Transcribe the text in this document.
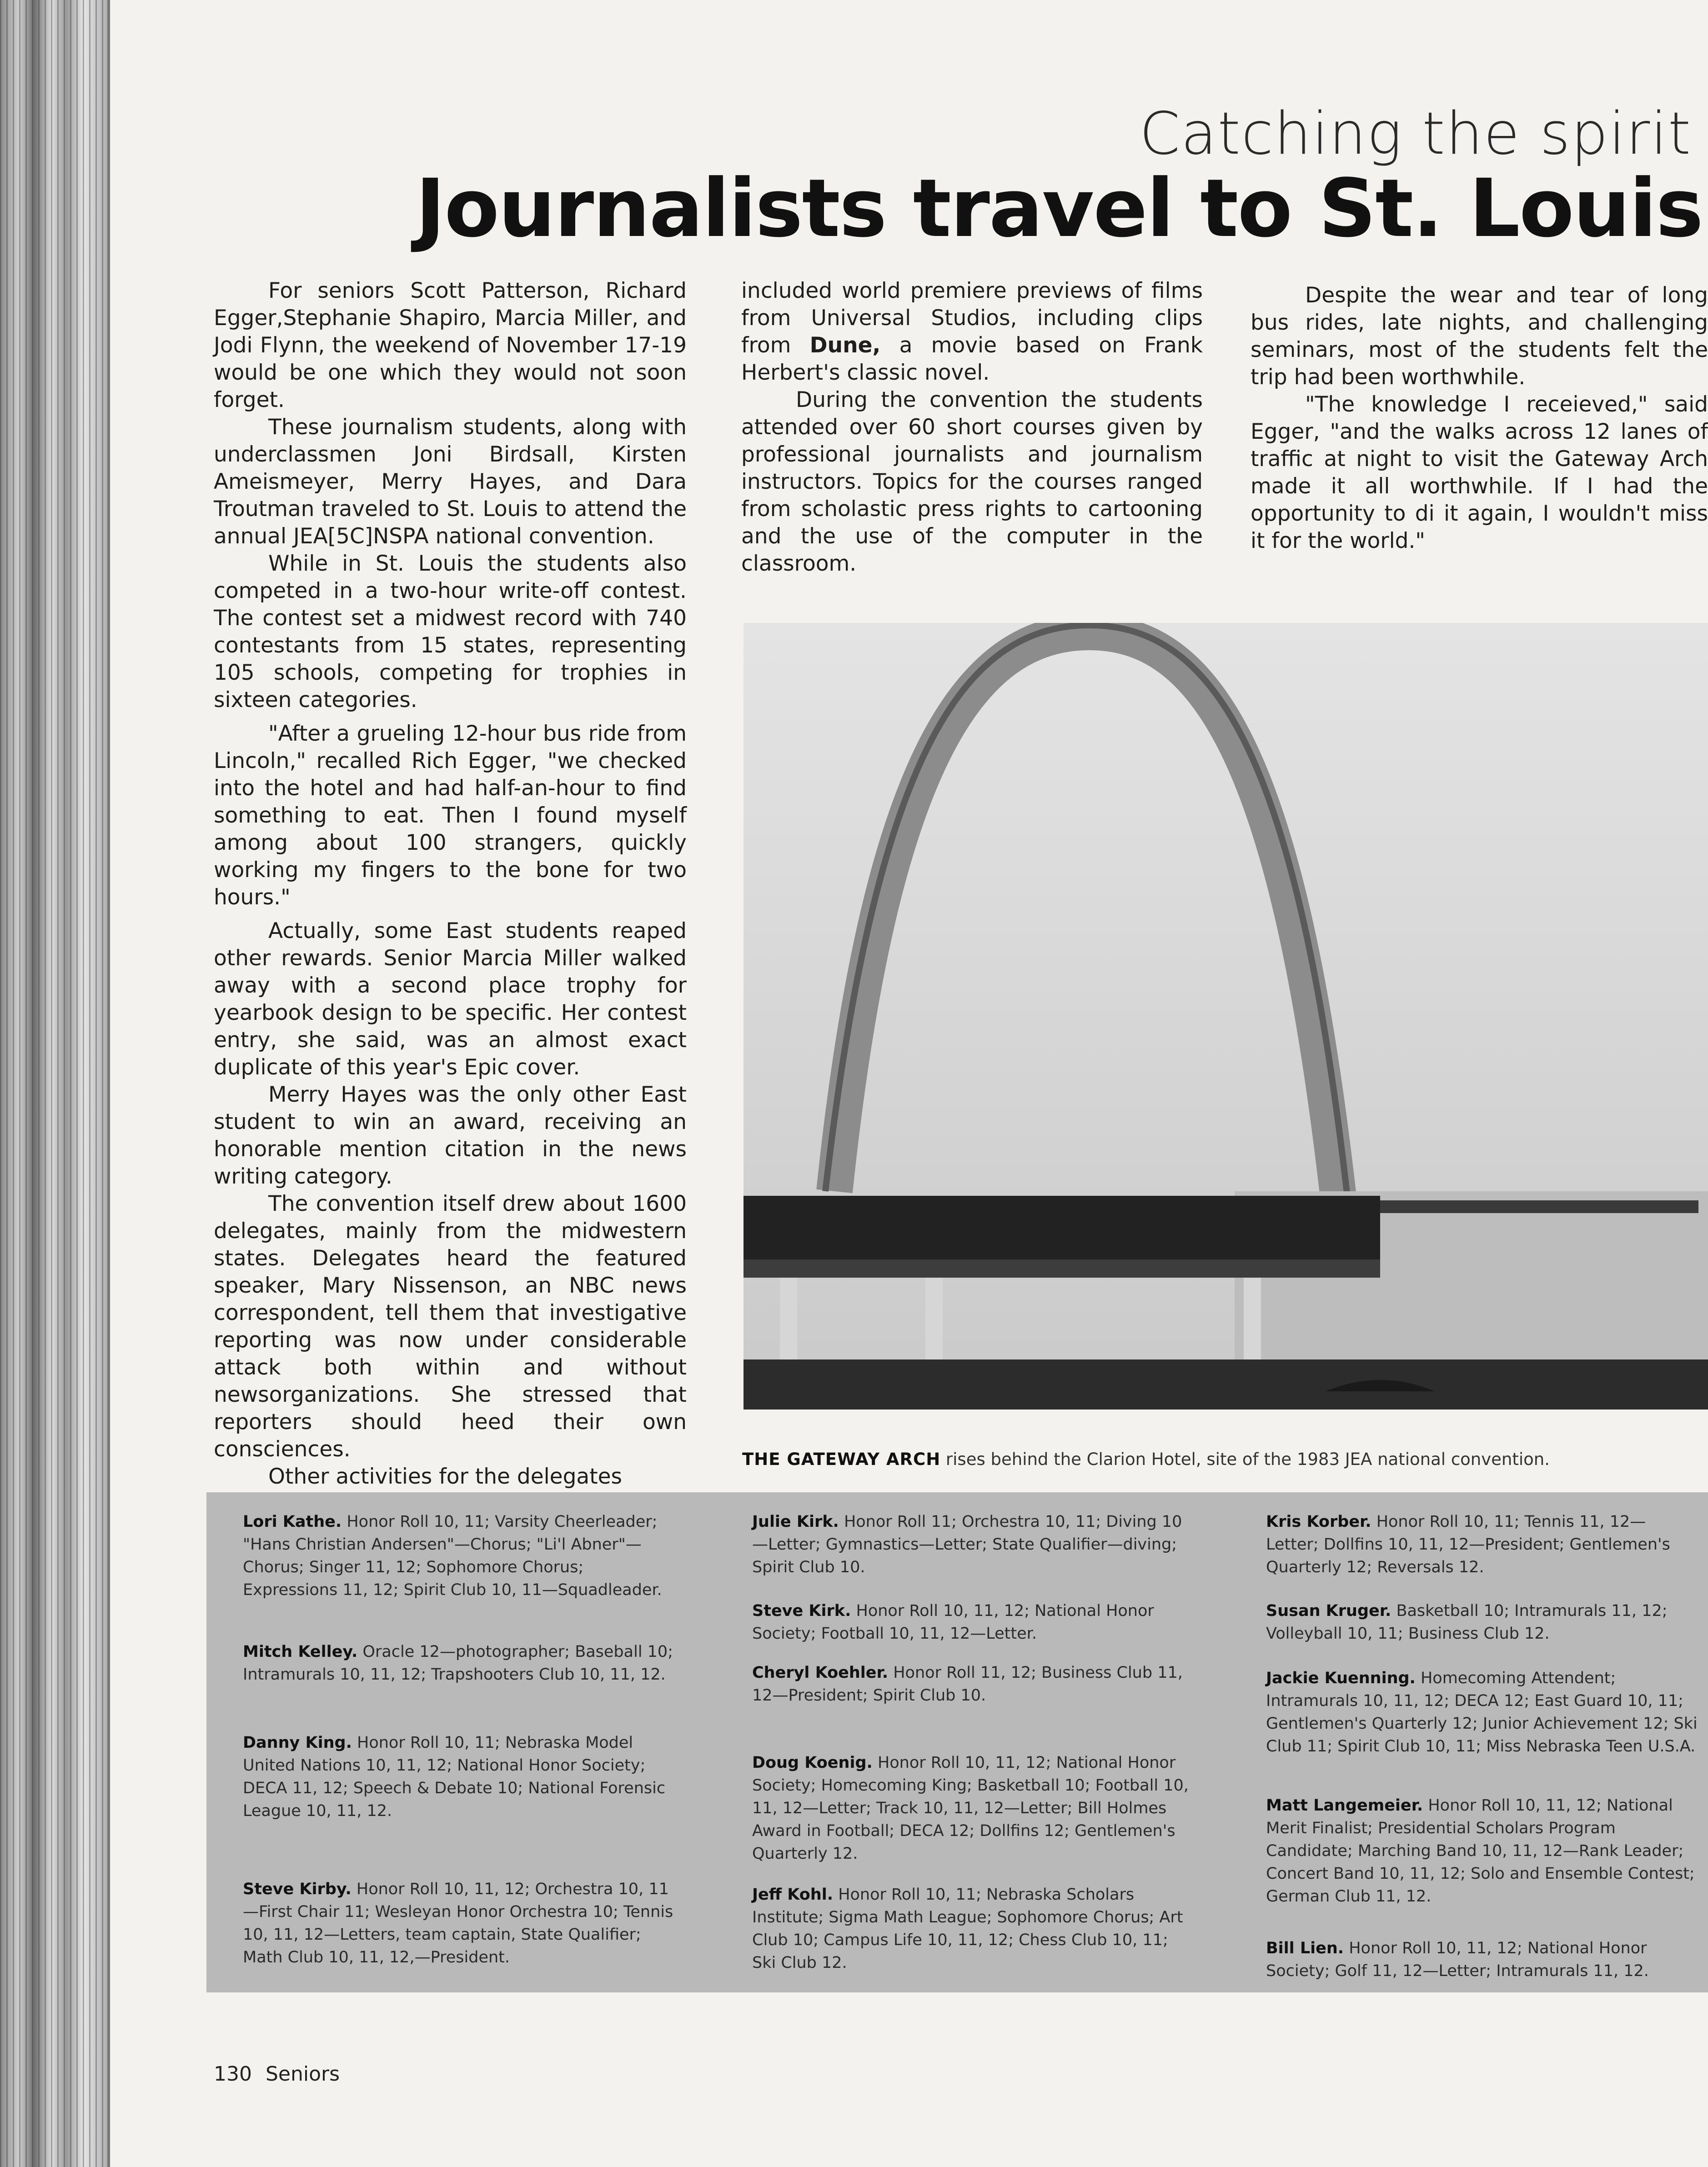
Catching the spirit
Journalists travel to St. Louis

For seniors Scott Patterson, Richard Egger,Stephanie Shapiro, Marcia Miller, and Jodi Flynn, the weekend of November 17-19 would be one which they would not soon forget.

These journalism students, along with underclassmen Joni Birdsall, Kirsten Ameismeyer, Merry Hayes, and Dara Troutman traveled to St. Louis to attend the annual JEA[5C]NSPA national convention.

While in St. Louis the students also competed in a two-hour write-off contest. The contest set a midwest record with 740 contestants from 15 states, representing 105 schools, competing for trophies in sixteen categories.

"After a grueling 12-hour bus ride from Lincoln," recalled Rich Egger, "we checked into the hotel and had half-an-hour to find something to eat. Then I found myself among about 100 strangers, quickly working my fingers to the bone for two hours."

Actually, some East students reaped other rewards. Senior Marcia Miller walked away with a second place trophy for yearbook design to be specific. Her contest entry, she said, was an almost exact duplicate of this year's Epic cover.

Merry Hayes was the only other East student to win an award, receiving an honorable mention citation in the news writing category.

The convention itself drew about 1600 delegates, mainly from the midwestern states. Delegates heard the featured speaker, Mary Nissenson, an NBC news correspondent, tell them that investigative reporting was now under considerable attack both within and without newsorganizations. She stressed that reporters should heed their own consciences.

Other activities for the delegates

included world premiere previews of films from Universal Studios, including clips from Dune, a movie based on Frank Herbert's classic novel.

During the convention the students attended over 60 short courses given by professional journalists and journalism instructors. Topics for the courses ranged from scholastic press rights to cartooning and the use of the computer in the classroom.

Despite the wear and tear of long bus rides, late nights, and challenging seminars, most of the students felt the trip had been worthwhile.

"The knowledge I receieved," said Egger, "and the walks across 12 lanes of traffic at night to visit the Gateway Arch made it all worthwhile. If I had the opportunity to di it again, I wouldn't miss it for the world."

THE GATEWAY ARCH rises behind the Clarion Hotel, site of the 1983 JEA national convention.
Lori Kathe. Honor Roll 10, 11; Varsity Cheerleader; "Hans Christian Andersen"—Chorus; "Li'l Abner"—Chorus; Singer 11, 12; Sophomore Chorus; Expressions 11, 12; Spirit Club 10, 11—Squadleader.
Mitch Kelley. Oracle 12—photographer; Baseball 10; Intramurals 10, 11, 12; Trapshooters Club 10, 11, 12.
Danny King. Honor Roll 10, 11; Nebraska Model United Nations 10, 11, 12; National Honor Society; DECA 11, 12; Speech & Debate 10; National Forensic League 10, 11, 12.
Steve Kirby. Honor Roll 10, 11, 12; Orchestra 10, 11—First Chair 11; Wesleyan Honor Orchestra 10; Tennis 10, 11, 12—Letters, team captain, State Qualifier; Math Club 10, 11, 12,—President.
Julie Kirk. Honor Roll 11; Orchestra 10, 11; Diving 10—Letter; Gymnastics—Letter; State Qualifier—diving; Spirit Club 10.
Steve Kirk. Honor Roll 10, 11, 12; National Honor Society; Football 10, 11, 12—Letter.
Cheryl Koehler. Honor Roll 11, 12; Business Club 11, 12—President; Spirit Club 10.
Doug Koenig. Honor Roll 10, 11, 12; National Honor Society; Homecoming King; Basketball 10; Football 10, 11, 12—Letter; Track 10, 11, 12—Letter; Bill Holmes Award in Football; DECA 12; Dollfins 12; Gentlemen's Quarterly 12.
Jeff Kohl. Honor Roll 10, 11; Nebraska Scholars Institute; Sigma Math League; Sophomore Chorus; Art Club 10; Campus Life 10, 11, 12; Chess Club 10, 11; Ski Club 12.
Kris Korber. Honor Roll 10, 11; Tennis 11, 12—Letter; Dollfins 10, 11, 12—President; Gentlemen's Quarterly 12; Reversals 12.
Susan Kruger. Basketball 10; Intramurals 11, 12; Volleyball 10, 11; Business Club 12.
Jackie Kuenning. Homecoming Attendent; Intramurals 10, 11, 12; DECA 12; East Guard 10, 11; Gentlemen's Quarterly 12; Junior Achievement 12; Ski Club 11; Spirit Club 10, 11; Miss Nebraska Teen U.S.A.
Matt Langemeier. Honor Roll 10, 11, 12; National Merit Finalist; Presidential Scholars Program Candidate; Marching Band 10, 11, 12—Rank Leader; Concert Band 10, 11, 12; Solo and Ensemble Contest; German Club 11, 12.
Bill Lien. Honor Roll 10, 11, 12; National Honor Society; Golf 11, 12—Letter; Intramurals 11, 12.
130 Seniors
